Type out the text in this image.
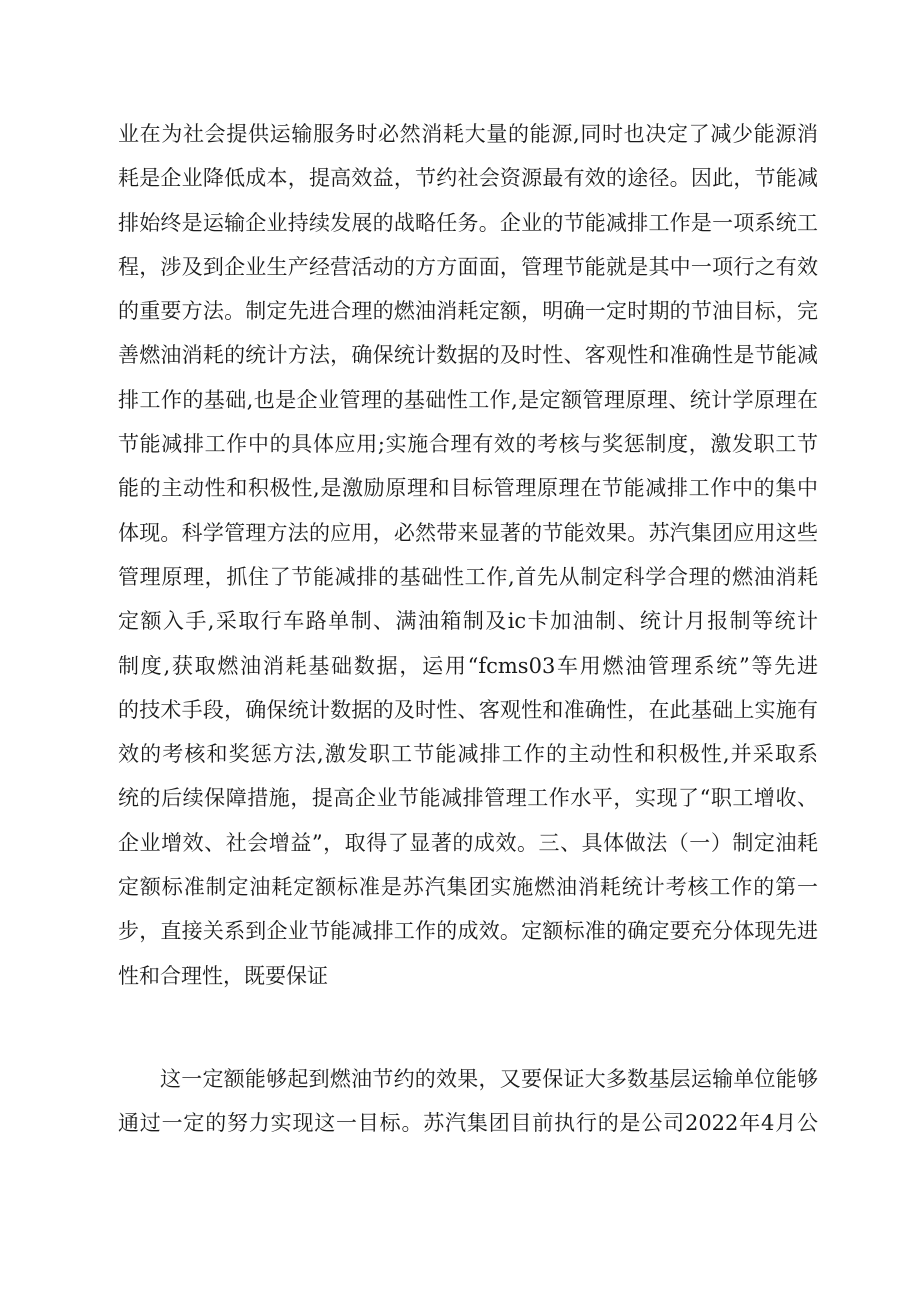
业在为社会提供运输服务时必然消耗大量的能源,同时也决定了减少能源消
耗是企业降低成本，提高效益，节约社会资源最有效的途径。因此，节能减
排始终是运输企业持续发展的战略任务。企业的节能减排工作是一项系统工
程，涉及到企业生产经营活动的方方面面，管理节能就是其中一项行之有效
的重要方法。制定先进合理的燃油消耗定额，明确一定时期的节油目标，完
善燃油消耗的统计方法，确保统计数据的及时性、客观性和准确性是节能减
排工作的基础,也是企业管理的基础性工作,是定额管理原理、统计学原理在
节能减排工作中的具体应用;实施合理有效的考核与奖惩制度，激发职工节
能的主动性和积极性,是激励原理和目标管理原理在节能减排工作中的集中
体现。科学管理方法的应用，必然带来显著的节能效果。苏汽集团应用这些
管理原理，抓住了节能减排的基础性工作,首先从制定科学合理的燃油消耗
定额入手,采取行车路单制、满油箱制及ic卡加油制、统计月报制等统计
制度,获取燃油消耗基础数据，运用“fcms03车用燃油管理系统”等先进
的技术手段，确保统计数据的及时性、客观性和准确性，在此基础上实施有
效的考核和奖惩方法,激发职工节能减排工作的主动性和积极性,并采取系
统的后续保障措施，提高企业节能减排管理工作水平，实现了“职工增收、
企业增效、社会增益”，取得了显著的成效。三、具体做法（一）制定油耗
定额标准制定油耗定额标准是苏汽集团实施燃油消耗统计考核工作的第一
步，直接关系到企业节能减排工作的成效。定额标准的确定要充分体现先进
性和合理性，既要保证
这一定额能够起到燃油节约的效果，又要保证大多数基层运输单位能够
通过一定的努力实现这一目标。苏汽集团目前执行的是公司2022年4月公
